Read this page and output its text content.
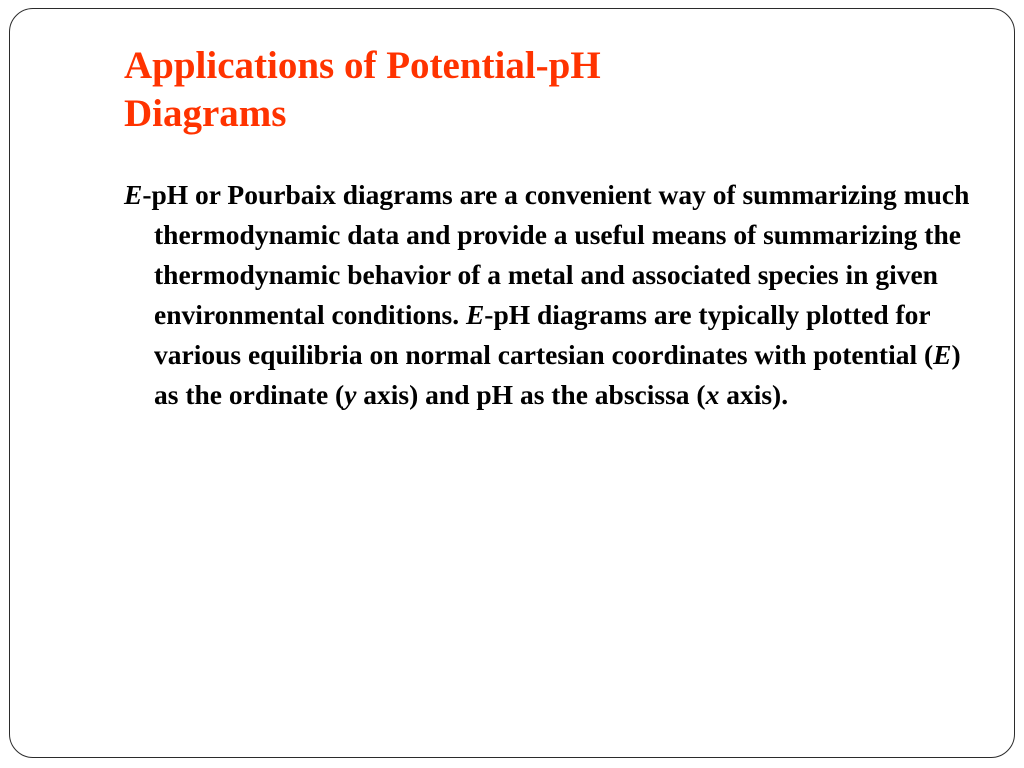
Applications of Potential-pH
Diagrams

E-pH or Pourbaix diagrams are a convenient way of summarizing much thermodynamic data and provide a useful means of summarizing the thermodynamic behavior of a metal and associated species in given environmental conditions. E-pH diagrams are typically plotted for various equilibria on normal cartesian coordinates with potential (E) as the ordinate (y axis) and pH as the abscissa (x axis).
